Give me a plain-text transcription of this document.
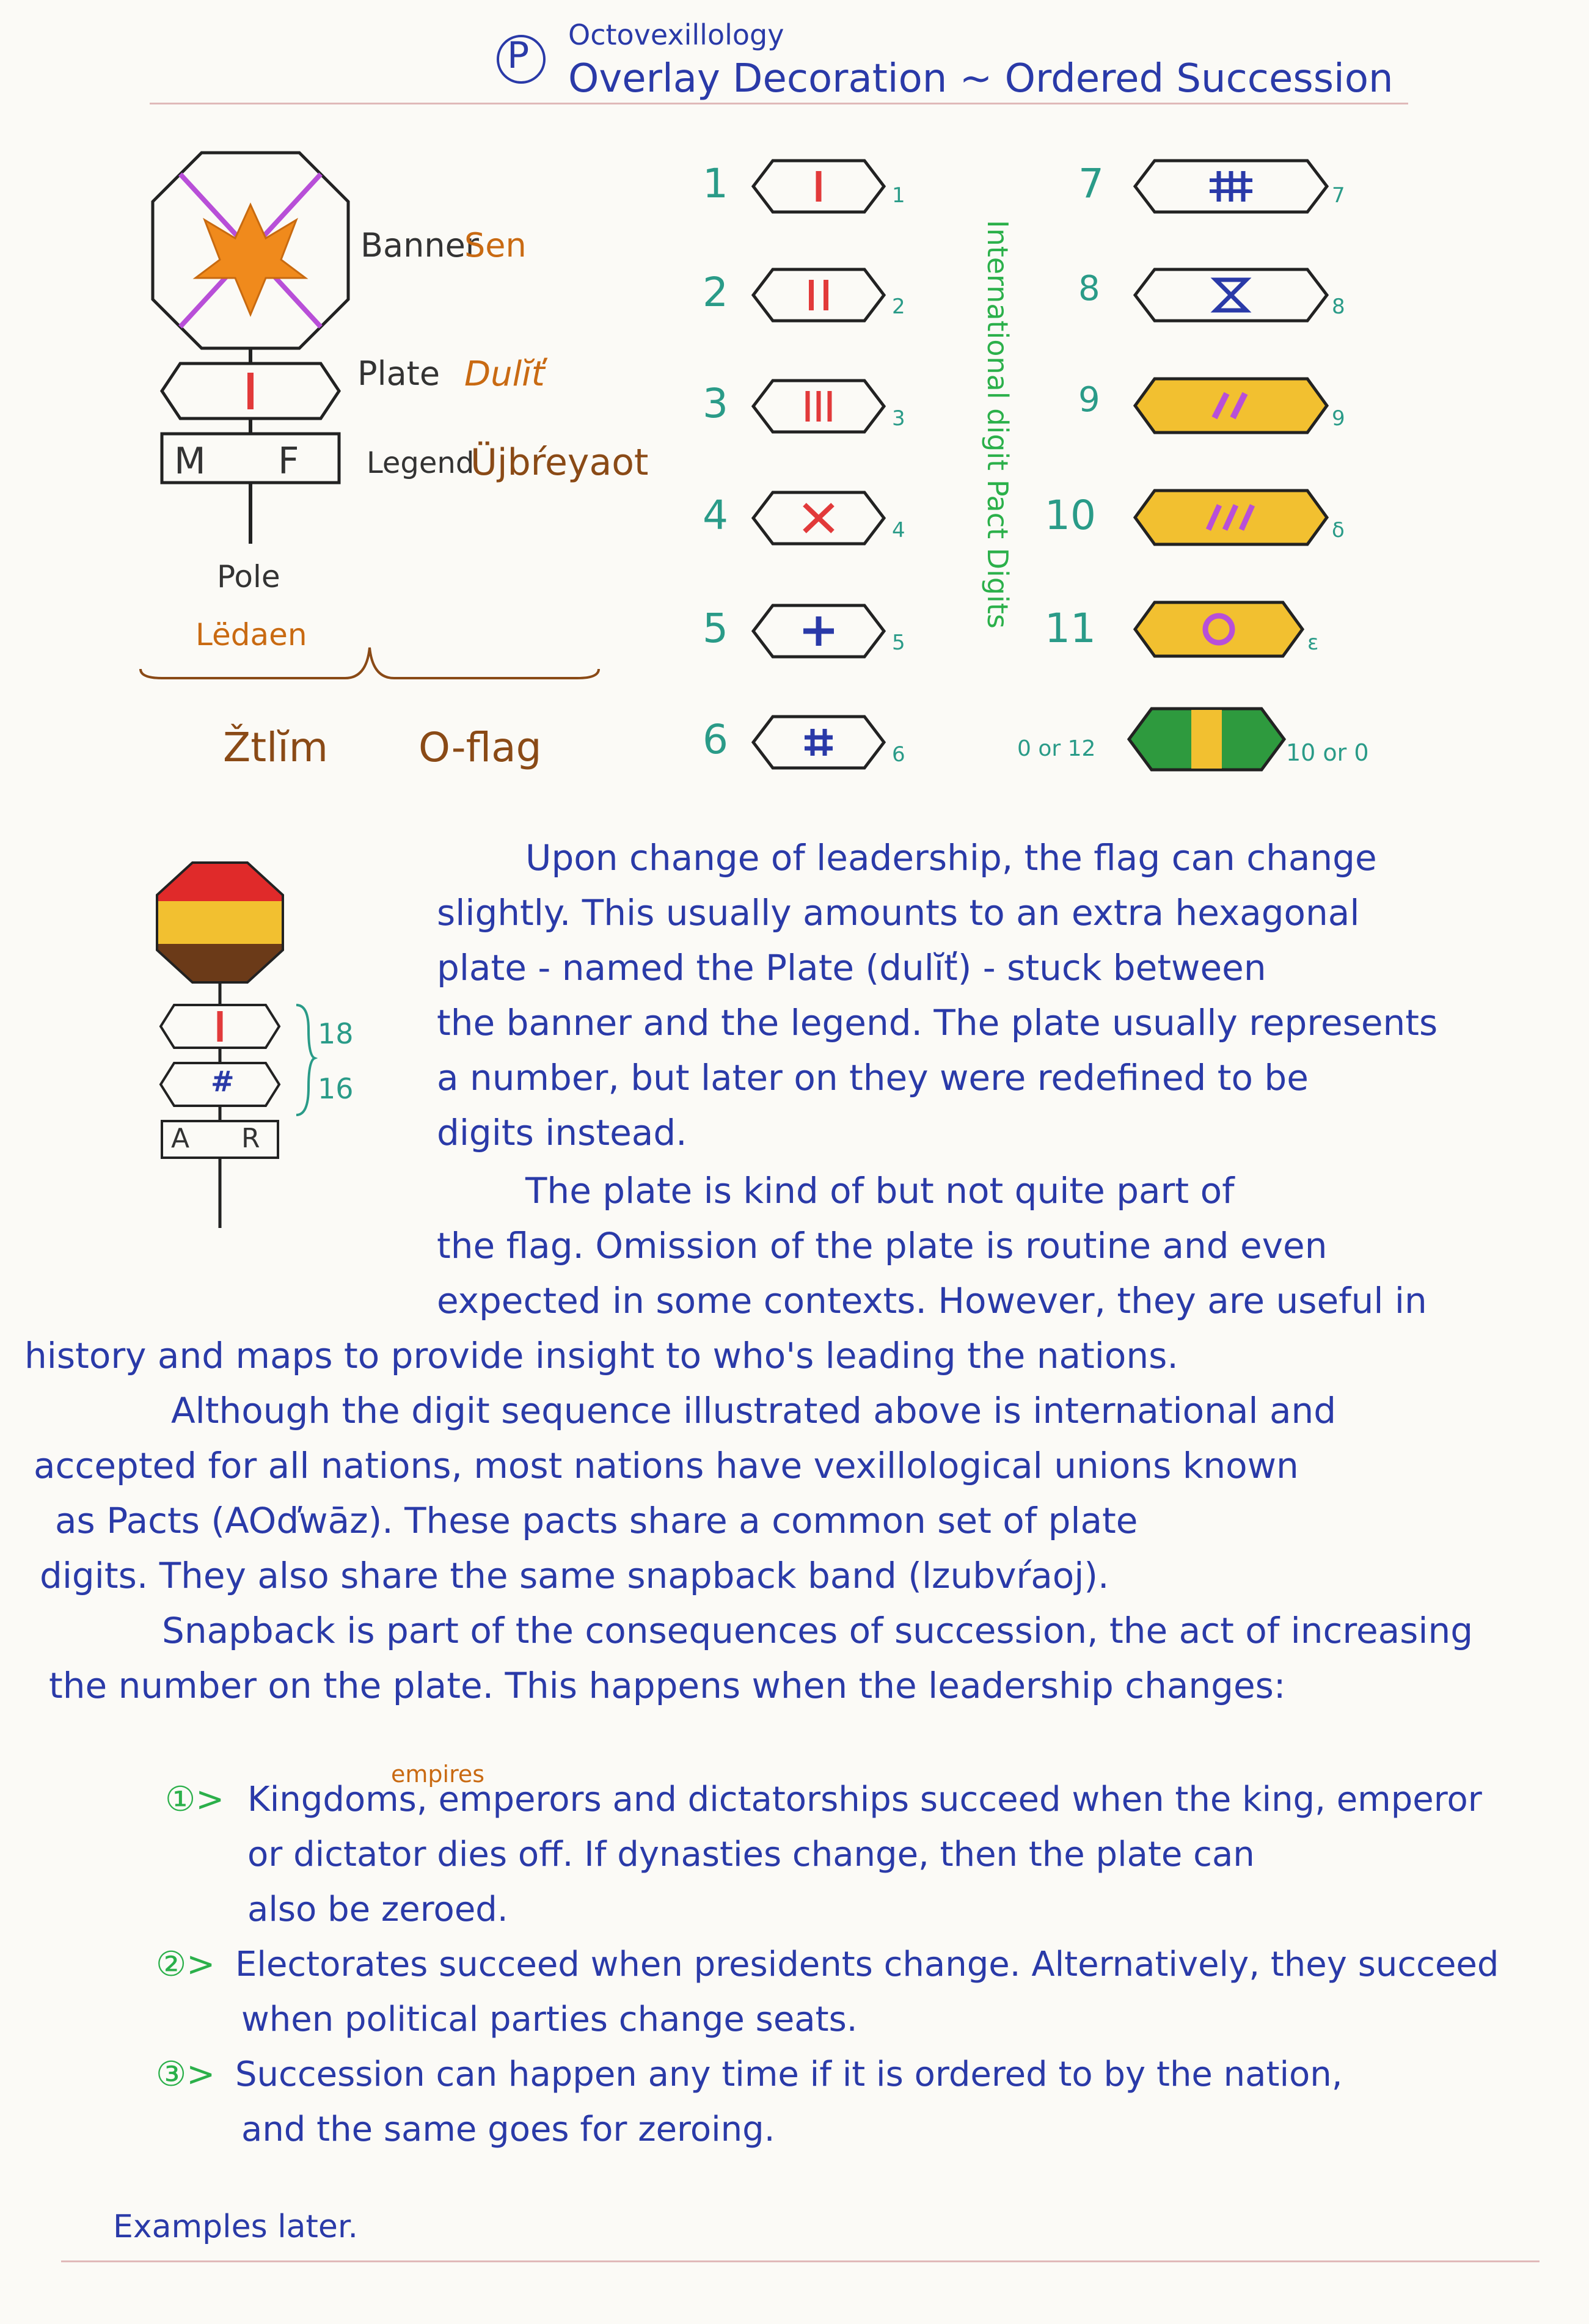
P Octovexillology
Overlay Decoration ~ Ordered Succession
M F
Banner
Sen
Plate Dulĭť
Legend
Üjbŕeyaot
Pole
Lëdaen
Žtlĭm O-flag
1	1
2	2
3	3
4	4
5	5
6	6
International digit Pact Digits
7	7
8	8
9	9
10	δ
11	ɛ
0 or 12	10 or 0
#
A R
18
16
Upon change of leadership, the flag can change
slightly. This usually amounts to an extra hexagonal
plate - named the Plate (dulĭť) - stuck between
the banner and the legend. The plate usually represents
a number, but later on they were redefined to be
digits instead.
The plate is kind of but not quite part of
the flag. Omission of the plate is routine and even
expected in some contexts. However, they are useful in
history and maps to provide insight to who's leading the nations.
Although the digit sequence illustrated above is international and
accepted for all nations, most nations have vexillological unions known
as Pacts (AOďwāz). These pacts share a common set of plate
digits. They also share the same snapback band (lzubvŕaoj).
Snapback is part of the consequences of succession, the act of increasing
the number on the plate. This happens when the leadership changes:
empires
①> Kingdoms, emperors and dictatorships succeed when the king, emperor
or dictator dies off. If dynasties change, then the plate can
also be zeroed.
②> Electorates succeed when presidents change. Alternatively, they succeed
when political parties change seats.
③> Succession can happen any time if it is ordered to by the nation,
and the same goes for zeroing.
Examples later.
